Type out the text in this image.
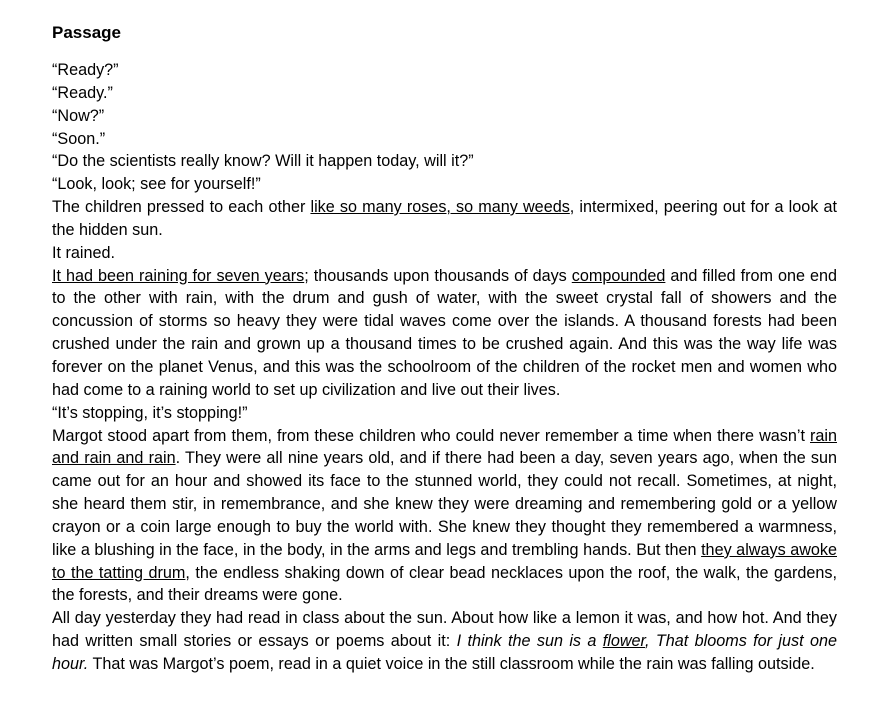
Passage
“Ready?”
“Ready.”
“Now?”
“Soon.”
“Do the scientists really know? Will it happen today, will it?”
“Look, look; see for yourself!”
The children pressed to each other like so many roses, so many weeds, intermixed, peering out for a look at the hidden sun.
It rained.
It had been raining for seven years; thousands upon thousands of days compounded and filled from one end to the other with rain, with the drum and gush of water, with the sweet crystal fall of showers and the concussion of storms so heavy they were tidal waves come over the islands. A thousand forests had been crushed under the rain and grown up a thousand times to be crushed again. And this was the way life was forever on the planet Venus, and this was the schoolroom of the children of the rocket men and women who had come to a raining world to set up civilization and live out their lives.
“It’s stopping, it’s stopping!”
Margot stood apart from them, from these children who could never remember a time when there wasn’t rain and rain and rain. They were all nine years old, and if there had been a day, seven years ago, when the sun came out for an hour and showed its face to the stunned world, they could not recall. Sometimes, at night, she heard them stir, in remembrance, and she knew they were dreaming and remembering gold or a yellow crayon or a coin large enough to buy the world with. She knew they thought they remembered a warmness, like a blushing in the face, in the body, in the arms and legs and trembling hands. But then they always awoke to the tatting drum, the endless shaking down of clear bead necklaces upon the roof, the walk, the gardens, the forests, and their dreams were gone.
All day yesterday they had read in class about the sun. About how like a lemon it was, and how hot. And they had written small stories or essays or poems about it: I think the sun is a flower, That blooms for just one hour. That was Margot’s poem, read in a quiet voice in the still classroom while the rain was falling outside.
